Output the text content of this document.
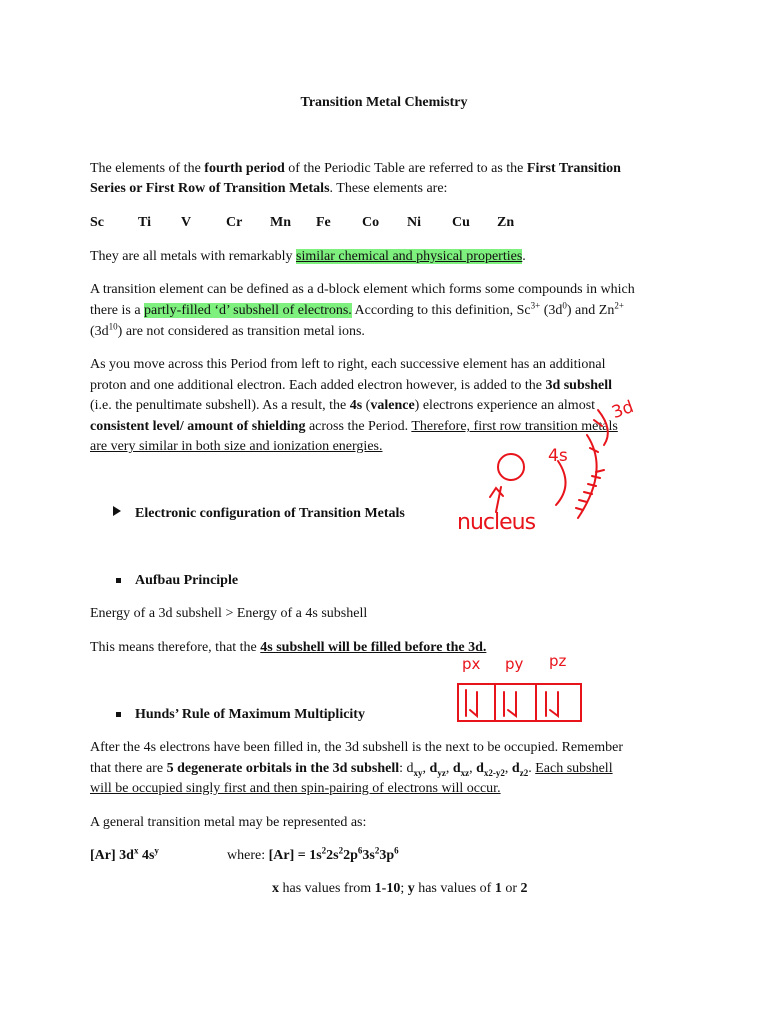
Transition Metal Chemistry
The elements of the fourth period of the Periodic Table are referred to as the First Transition
Series or First Row of Transition Metals. These elements are:
Sc Ti V Cr Mn Fe Co Ni Cu Zn
They are all metals with remarkably similar chemical and physical properties.
A transition element can be defined as a d-block element which forms some compounds in which
there is a partly-filled ‘d’ subshell of electrons. According to this definition, $Sc^{3+}$ $(3d^0)$ and $Zn^{2+}$
$(3d^{10})$ are not considered as transition metal ions.
As you move across this Period from left to right, each successive element has an additional
proton and one additional electron. Each added electron however, is added to the 3d subshell
(i.e. the penultimate subshell). As a result, the 4s (valence) electrons experience an almost
consistent level/ amount of shielding across the Period. Therefore, first row transition metals
are very similar in both size and ionization energies.
Electronic configuration of Transition Metals
Aufbau Principle
Energy of a 3d subshell > Energy of a 4s subshell
This means therefore, that the 4s subshell will be filled before the 3d.
Hunds’ Rule of Maximum Multiplicity
After the 4s electrons have been filled in, the 3d subshell is the next to be occupied. Remember
that there are 5 degenerate orbitals in the 3d subshell: $d_{xy}$, $d_{yz}$, $d_{xz}$, $d_{x2-y2}$, $d_{z2}$. Each subshell
will be occupied singly first and then spin-pairing of electrons will occur.
A general transition metal may be represented as:
[Ar] $3d^x$ $4s^y$	where: $[Ar] = 1s^22s^22p^63s^23p^6$
x has values from 1-10; y has values of 1 or 2
4s
3d
nucleus
px py pz
